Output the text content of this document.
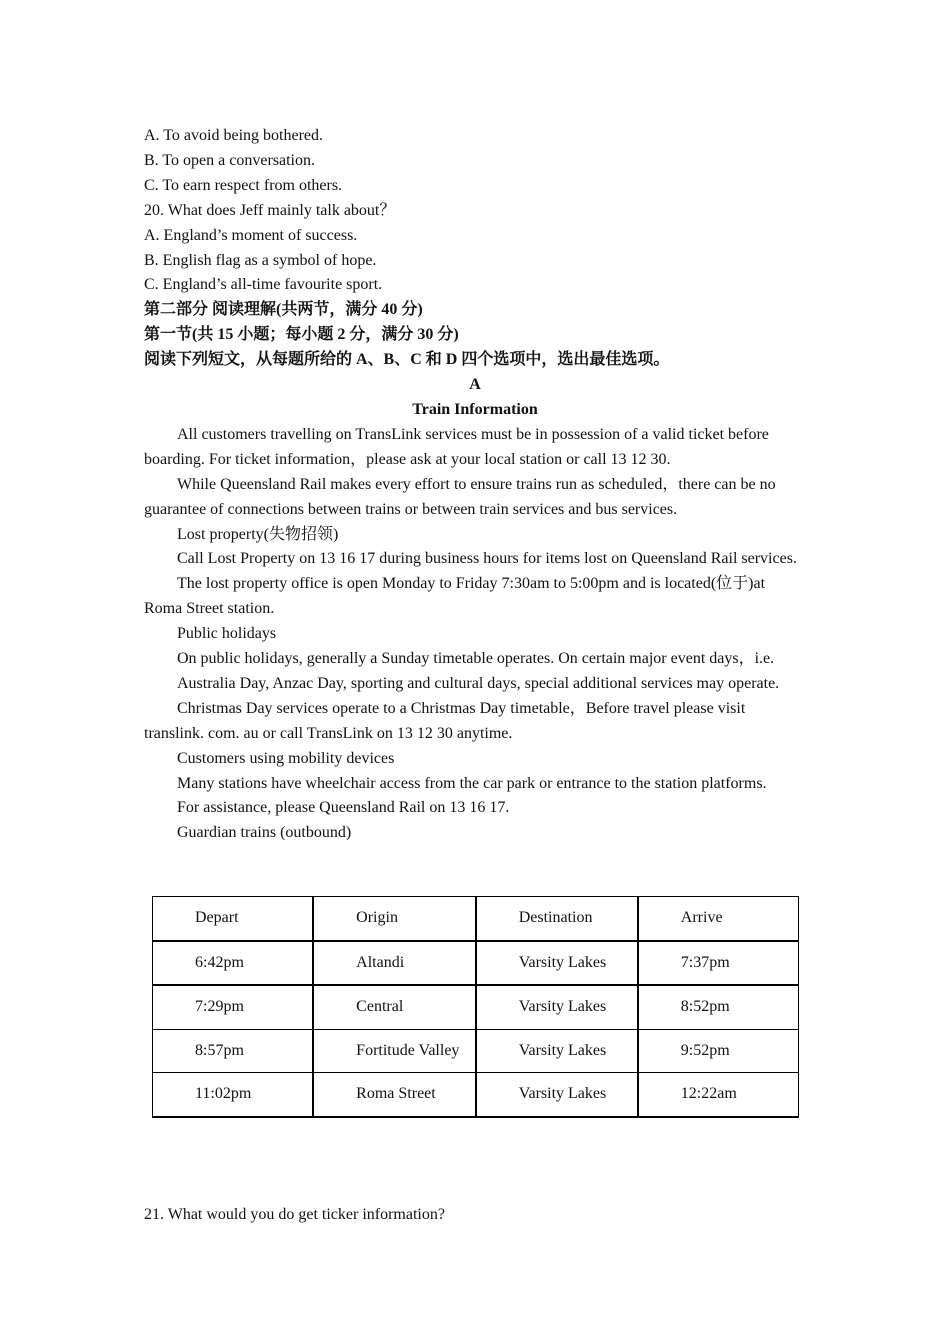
A. To avoid being bothered.

B. To open a conversation.

C. To earn respect from others.

20. What does Jeff mainly talk about？

A. England’s moment of success.

B. English flag as a symbol of hope.

C. England’s all-time favourite sport.

第二部分 阅读理解(共两节，满分 40 分)

第一节(共 15 小题；每小题 2 分，满分 30 分)

阅读下列短文，从每题所给的 A、B、C 和 D 四个选项中，选出最佳选项。

A

Train Information

All customers travelling on TransLink services must be in possession of a valid ticket before boarding. For ticket information，please ask at your local station or call 13 12 30.

While Queensland Rail makes every effort to ensure trains run as scheduled，there can be no guarantee of connections between trains or between train services and bus services.

Lost property(失物招领)

Call Lost Property on 13 16 17 during business hours for items lost on Queensland Rail services.

The lost property office is open Monday to Friday 7:30am to 5:00pm and is located(位于)at Roma Street station.

Public holidays

On public holidays, generally a Sunday timetable operates. On certain major event days，i.e.

Australia Day, Anzac Day, sporting and cultural days, special additional services may operate.

Christmas Day services operate to a Christmas Day timetable，Before travel please visit translink. com. au or call TransLink on 13 12 30 anytime.

Customers using mobility devices

Many stations have wheelchair access from the car park or entrance to the station platforms.

For assistance, please Queensland Rail on 13 16 17.

Guardian trains (outbound)

Depart	Origin	Destination	Arrive
6:42pm	Altandi	Varsity Lakes	7:37pm
7:29pm	Central	Varsity Lakes	8:52pm
8:57pm	Fortitude Valley	Varsity Lakes	9:52pm
11:02pm	Roma Street	Varsity Lakes	12:22am

21. What would you do get ticker information?
